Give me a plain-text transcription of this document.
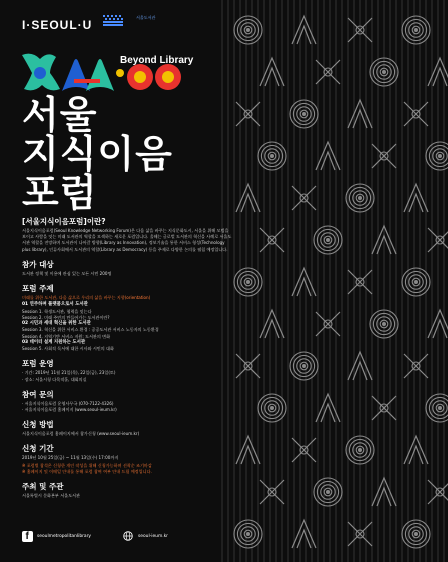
I·SEOUL·U
서울도서관
Beyond Library
서울
지식이음
포럼

[서울지식이음포럼]이란?

서울지식이음포럼(Seoul Knowledge Networking Forum)은 다음 삶을 바꾸는 지식문화도시, 서울을 위해 모범을 보이고 사람을 잇는 미래 도서관의 역할을 모색하는 새로운 포럼입니다. 올해는 글로벌 도서관의 혁신을 사례로 서울도서관 역할을 전망하며 도서관이 나아갈 방향(Library as Innovation), 정보기술을 통한 서비스 형성(Technology plus library), 인류사회에서 도서관의 역할(Library as Democracy) 등을 주제로 다양한 논의를 펼칠 예정입니다.

참가 대상

도서관 정책 및 이용에 관심 있는 모든 시민 200명

포럼 주제

미래를 위한 도서관, 다음 삶으로 우리의 삶을 바꾸는 지향(orientation)

01 연주하며 플랫폼으로서 도서관
Session 1. 학생도서관, 협력을 잇는다
Session 2. 미래 주민의 만들어가는 도서관이란?
02 시민과 세대 혁신을 위한 도서관
Session 3. 혁신을 위한 서비스 환경 : 공공도서관 서비스 노동자의 노동환경
Session 4. 지역기반 서비스 지원: 도서관의 변화
03 데이터 설계 지원하는 도서관
Session 5. 사회적 독서에 대한 시사와 시민의 대화

포럼 운영

· 기간: 2019년 11월 21일(목), 22일(금), 23일(토)
· 장소: 서울시청 다목적홀, 대회의실

참여 문의

· 서울지식이음포럼 운영사무국 (070-7122-4326)
· 서울지식이음포럼 홈페이지 (www.seoul-ieum.kr)

신청 방법

서울지식이음포럼 홈페이지에서 참가신청 (www.seoul-ieum.kr)

신청 기간

2019년 10월 25일(금) ~ 11월 13일(수) 17:00까지

※ 포럼별 참석은 신청한 개인 작성을 위해 신청가능하며 선착순 조기마감
※ 홈페이지 및 이메일 안내를 통해 포럼 참여 여부 안내 드릴 예정입니다.

주최 및 주관

서울특별시 문화본부 서울도서관

f seoulmetropolitanlibrary	seoul-ieum.kr
